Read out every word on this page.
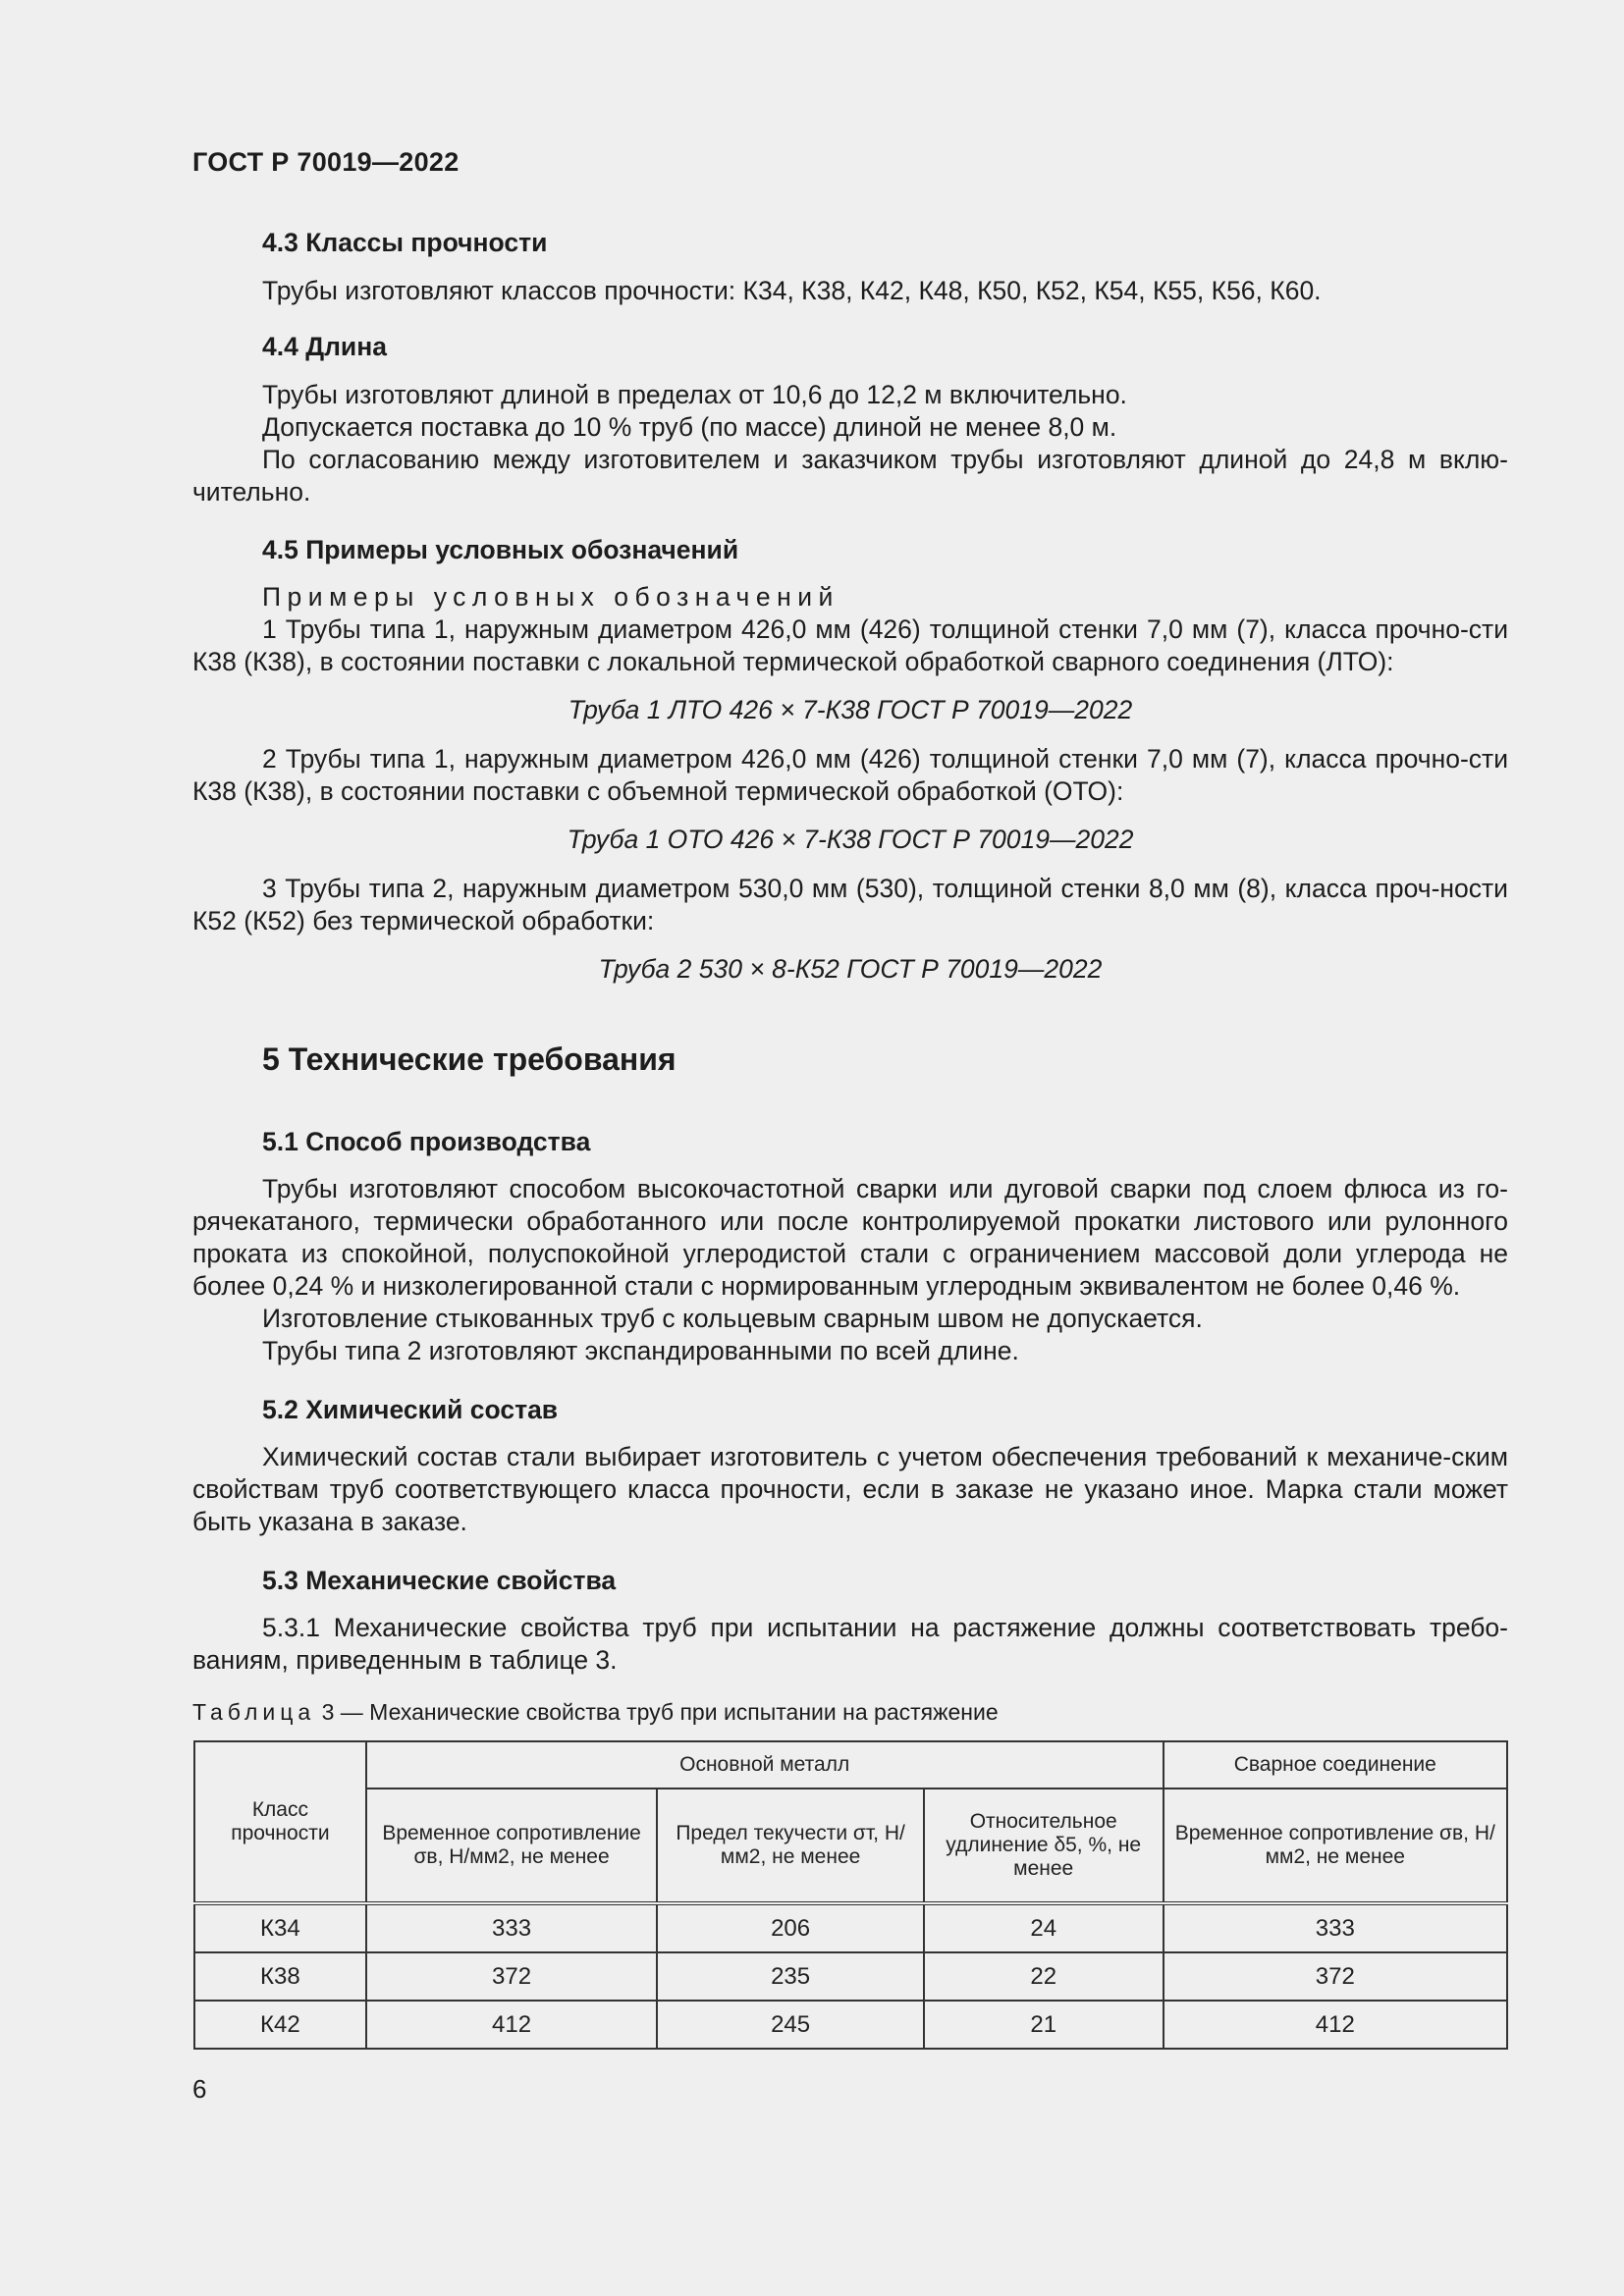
ГОСТ Р 70019—2022
4.3 Классы прочности
Трубы изготовляют классов прочности: К34, К38, К42, К48, К50, К52, К54, К55, К56, К60.
4.4 Длина
Трубы изготовляют длиной в пределах от 10,6 до 12,2 м включительно.
Допускается поставка до 10 % труб (по массе) длиной не менее 8,0 м.
По согласованию между изготовителем и заказчиком трубы изготовляют длиной до 24,8 м вклю-чительно.
4.5 Примеры условных обозначений
Примеры условных обозначений
1 Трубы типа 1, наружным диаметром 426,0 мм (426) толщиной стенки 7,0 мм (7), класса прочно-сти К38 (К38), в состоянии поставки с локальной термической обработкой сварного соединения (ЛТО):
Труба 1 ЛТО 426 × 7-К38 ГОСТ Р 70019—2022
2 Трубы типа 1, наружным диаметром 426,0 мм (426) толщиной стенки 7,0 мм (7), класса прочно-сти К38 (К38), в состоянии поставки с объемной термической обработкой (ОТО):
Труба 1 ОТО 426 × 7-К38 ГОСТ Р 70019—2022
3 Трубы типа 2, наружным диаметром 530,0 мм (530), толщиной стенки 8,0 мм (8), класса проч-ности К52 (К52) без термической обработки:
Труба 2 530 × 8-К52 ГОСТ Р 70019—2022
5 Технические требования
5.1 Способ производства
Трубы изготовляют способом высокочастотной сварки или дуговой сварки под слоем флюса из го-рячекатаного, термически обработанного или после контролируемой прокатки листового или рулонного проката из спокойной, полуспокойной углеродистой стали с ограничением массовой доли углерода не более 0,24 % и низколегированной стали с нормированным углеродным эквивалентом не более 0,46 %.
Изготовление стыкованных труб с кольцевым сварным швом не допускается.
Трубы типа 2 изготовляют экспандированными по всей длине.
5.2 Химический состав
Химический состав стали выбирает изготовитель с учетом обеспечения требований к механиче-ским свойствам труб соответствующего класса прочности, если в заказе не указано иное. Марка стали может быть указана в заказе.
5.3 Механические свойства
5.3.1 Механические свойства труб при испытании на растяжение должны соответствовать требо-ваниям, приведенным в таблице 3.
Таблица 3 — Механические свойства труб при испытании на растяжение
Класс прочности	Основной металл			Сварное соединение
	Временное сопротивление σв, Н/мм2, не менее	Предел текучести σт, Н/мм2, не менее	Относительное удлинение δ5, %, не менее	Временное сопротивление σв, Н/мм2, не менее
К34	333	206	24	333
К38	372	235	22	372
К42	412	245	21	412
6
